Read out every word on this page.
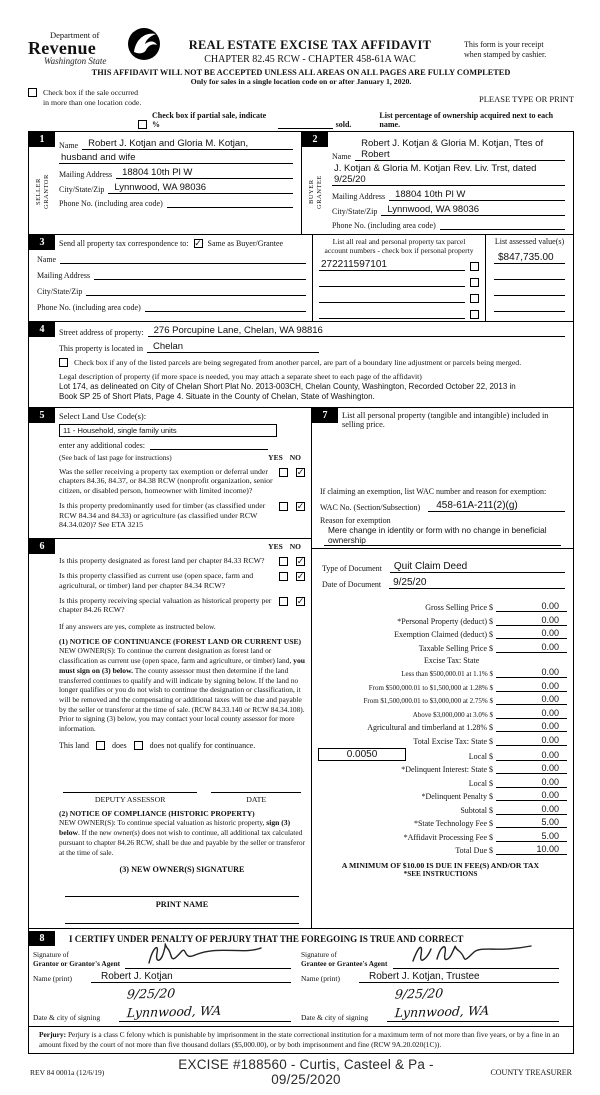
Department of
Revenue
Washington State
REAL ESTATE EXCISE TAX AFFIDAVIT
CHAPTER 82.45 RCW - CHAPTER 458-61A WAC
This form is your receipt
when stamped by cashier.
THIS AFFIDAVIT WILL NOT BE ACCEPTED UNLESS ALL AREAS ON ALL PAGES ARE FULLY COMPLETED
Only for sales in a single location code on or after January 1, 2020.
Check box if the sale occurred
in more than one location code.	PLEASE TYPE OR PRINT
Check box if partial sale, indicate %	sold.
List percentage of ownership acquired next to each name.
1
SELLER GRANTOR
Name	Robert J. Kotjan and Gloria M. Kotjan,
husband and wife
Mailing Address	18804 10th Pl W
City/State/Zip	Lynnwood, WA 98036
Phone No. (including area code)
2
BUYER GRANTEE
Name
Robert J. Kotjan & Gloria M. Kotjan, Ttes of Robert
J. Kotjan & Gloria M. Kotjan Rev. Liv. Trst, dated 9/25/20
Mailing Address	18804 10th Pl W
City/State/Zip	Lynnwood, WA 98036
Phone No. (including area code)
3	Send all property tax correspondence to: ✓ Same as Buyer/Grantee
Name
Mailing Address
City/State/Zip
Phone No. (including area code)
List all real and personal property tax parcel
account numbers - check box if personal property
272211597101
List assessed value(s)
$847,735.00
4	Street address of property:	276 Porcupine Lane, Chelan, WA 98816
This property is located in	Chelan
Check box if any of the listed parcels are being segregated from another parcel, are part of a boundary line adjustment or parcels being merged.
Legal description of property (if more space is needed, you may attach a separate sheet to each page of the affidavit)
Lot 174, as delineated on City of Chelan Short Plat No. 2013-003CH, Chelan County, Washington, Recorded October 22, 2013 in
Book SP 25 of Short Plats, Page 4. Situate in the County of Chelan, State of Washington.
5	Select Land Use Code(s):
11 - Household, single family units
enter any additional codes:
(See back of last page for instructions)	YES NO
Was the seller receiving a property tax exemption or deferral under chapters 84.36, 84.37, or 84.38 RCW (nonprofit organization, senior citizen, or disabled person, homeowner with limited income)?
✓
Is this property predominantly used for timber (as classified under RCW 84.34 and 84.33) or agriculture (as classified under RCW 84.34.020)? See ETA 3215
✓
6	YES NO
Is this property designated as forest land per chapter 84.33 RCW?	✓
Is this property classified as current use (open space, farm and agricultural, or timber) land per chapter 84.34 RCW?
✓
Is this property receiving special valuation as historical property per chapter 84.26 RCW?
✓
If any answers are yes, complete as instructed below.
(1) NOTICE OF CONTINUANCE (FOREST LAND OR CURRENT USE)
NEW OWNER(S): To continue the current designation as forest land or classification as current use (open space, farm and agriculture, or timber) land, you must sign on (3) below. The county assessor must then determine if the land transferred continues to qualify and will indicate by signing below. If the land no longer qualifies or you do not wish to continue the designation or classification, it will be removed and the compensating or additional taxes will be due and payable by the seller or transferor at the time of sale. (RCW 84.33.140 or RCW 84.34.108). Prior to signing (3) below, you may contact your local county assessor for more information.
This land	does	does not qualify for continuance.
DEPUTY ASSESSOR	DATE
(2) NOTICE OF COMPLIANCE (HISTORIC PROPERTY)
NEW OWNER(S): To continue special valuation as historic property, sign (3) below. If the new owner(s) does not wish to continue, all additional tax calculated pursuant to chapter 84.26 RCW, shall be due and payable by the seller or transferor at the time of sale.
(3) NEW OWNER(S) SIGNATURE
PRINT NAME
7	List all personal property (tangible and intangible) included in selling price.
If claiming an exemption, list WAC number and reason for exemption:
WAC No. (Section/Subsection)	458-61A-211(2)(g)
Reason for exemption
Mere change in identity or form with no change in beneficial ownership
Type of Document	Quit Claim Deed
Date of Document	9/25/20
Gross Selling Price $	0.00
*Personal Property (deduct) $	0.00
Exemption Claimed (deduct) $	0.00
Taxable Selling Price $	0.00
Excise Tax: State
Less than $500,000.01 at 1.1% $	0.00
From $500,000.01 to $1,500,000 at 1.28% $	0.00
From $1,500,000.01 to $3,000,000 at 2.75% $	0.00
Above $3,000,000 at 3.0% $	0.00
Agricultural and timberland at 1.28% $	0.00
Total Excise Tax: State $	0.00
0.0050	Local $	0.00
*Delinquent Interest: State $	0.00
Local $	0.00
*Delinquent Penalty $	0.00
Subtotal $	0.00
*State Technology Fee $	5.00
*Affidavit Processing Fee $	5.00
Total Due $	10.00
A MINIMUM OF $10.00 IS DUE IN FEE(S) AND/OR TAX
*SEE INSTRUCTIONS
8	I CERTIFY UNDER PENALTY OF PERJURY THAT THE FOREGOING IS TRUE AND CORRECT
Signature of
Grantor or Grantor's Agent
Name (print)	Robert J. Kotjan
Date & city of signing
9/25/20Lynnwood, WA
Signature of
Grantee or Grantee's Agent
Name (print)	Robert J. Kotjan, Trustee
Date & city of signing
9/25/20Lynnwood, WA
Perjury: Perjury is a class C felony which is punishable by imprisonment in the state correctional institution for a maximum term of not more than five years, or by a fine in an amount fixed by the court of not more than five thousand dollars ($5,000.00), or by both imprisonment and fine (RCW 9A.20.020(1C)).
REV 84 0001a (12/6/19)	EXCISE #188560 - Curtis, Casteel & Pa - 09/25/2020	COUNTY TREASURER
